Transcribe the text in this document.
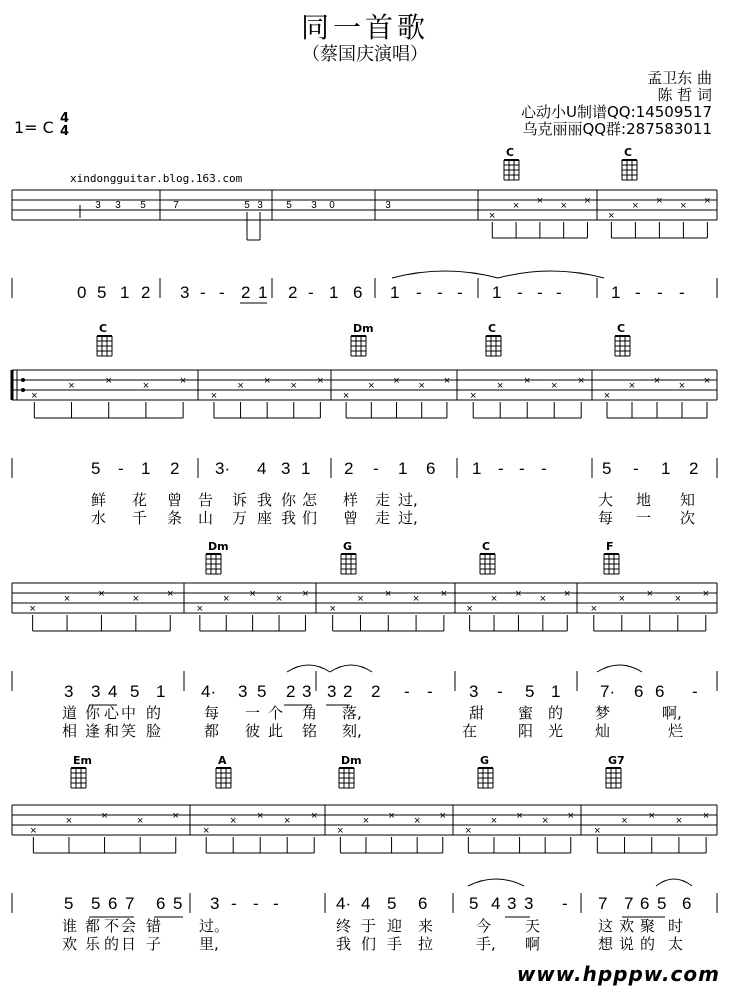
同一首歌
（蔡国庆演唱）
孟卫东 曲
陈 哲 词
心动小U制谱QQ:14509517
乌克丽丽QQ群:287583011
1= C 4
4
xindongguitar.blog.163.com
×
× × × ×
×
× × × ×
×
×	×	×	×
×
× × × ×
×
× × × ×
×
× × × ×
×
× × × ×
×
×	×	×	×
×
× × × ×
×
× × × ×
×
× × × ×
×
× × × ×
×
×	×	×	×
×
× × × ×
×
× × × ×
×
× × × ×
×
× × × ×
3 3 5	7	5 3 5 3 0	3
– –	– – –
C	C
C	Dm	C	C
Dm	G	C	F
Em	A	Dm	G	G7
0 5 1 2 3 - - 2 1 2 - 1 6 1 - - - 1 - - -	1 - - -
5 - 1 2 3· 4 3 1 2 - 1 6 1 - - -	5 - 1 2
3 3 4 5 1 4· 3 5 2 3 3 2 2 - - 3 - 5 1 7· 6 6 -
5 5 6 7 6 5 3 - - -	4· 4 5 6 5 4 3 3 - 7 7 6 5 6
鲜 花 曾 告 诉 我 你 怎 样 走 过,	大 地 知
水 千 条 山 万 座 我 们 曾 走 过,	每 一 次
道 你 心 中 的	每 一 个 角 落,	甜 蜜 的 梦	啊,
相 逢 和 笑 脸	都 彼 此 铭 刻,	在	阳 光 灿	烂
谁 都 不 会 错	过。	终 于 迎 来	今 天	这 欢 聚 时
欢 乐 的 日 子	里,	我 们 手 拉	手, 啊	想 说 的 太
www.hpppw.com
